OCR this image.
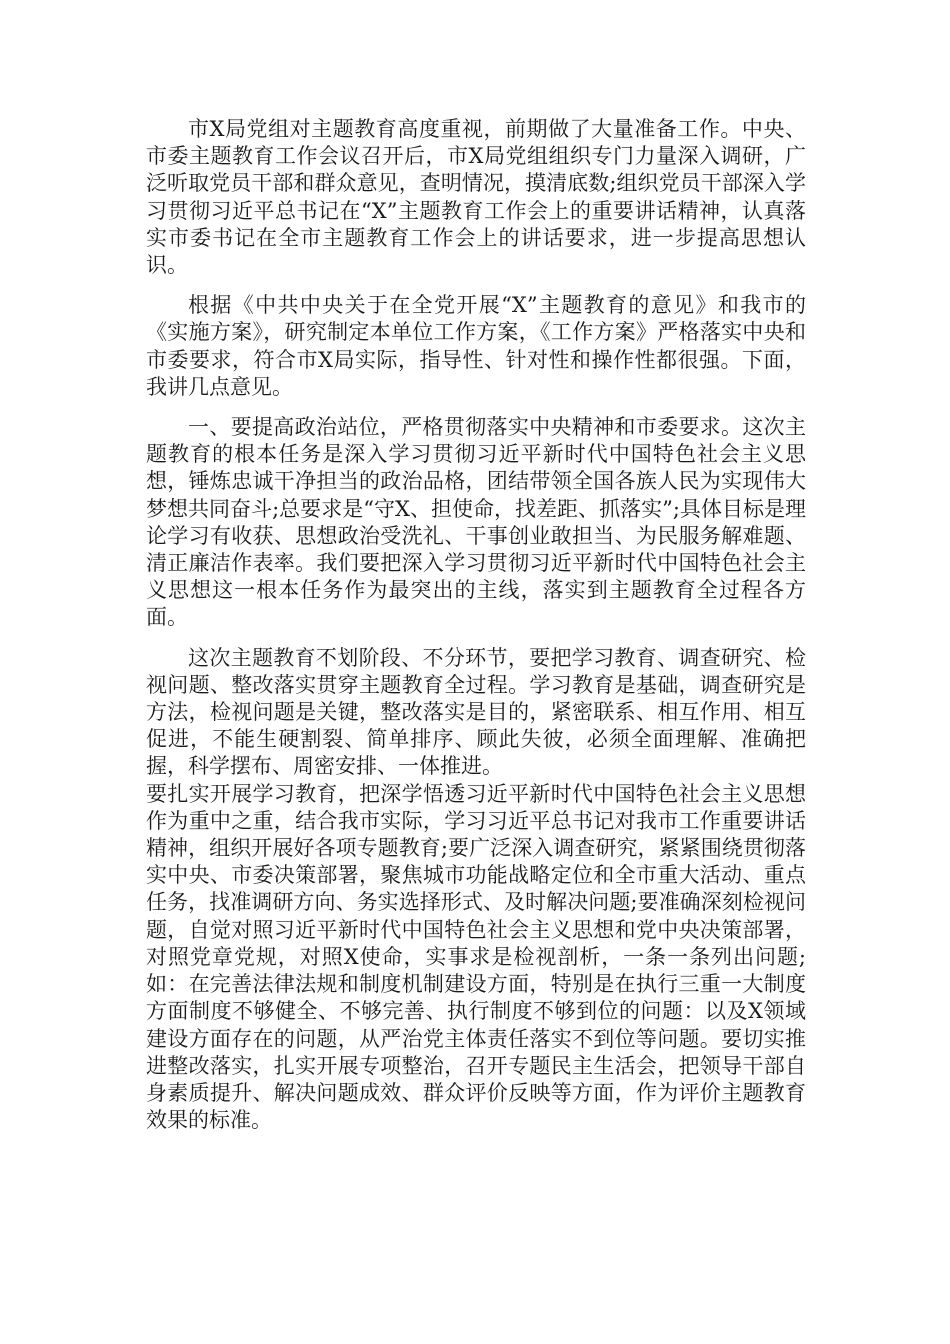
市X局党组对主题教育高度重视，前期做了大量准备工作。中央、市委主题教育工作会议召开后，市X局党组组织专门力量深入调研，广泛听取党员干部和群众意见，查明情况，摸清底数;组织党员干部深入学习贯彻习近平总书记在“X”主题教育工作会上的重要讲话精神，认真落实市委书记在全市主题教育工作会上的讲话要求，进一步提高思想认识。

根据《中共中央关于在全党开展“X”主题教育的意见》和我市的《实施方案》，研究制定本单位工作方案，《工作方案》严格落实中央和市委要求，符合市X局实际，指导性、针对性和操作性都很强。下面，我讲几点意见。

一、要提高政治站位，严格贯彻落实中央精神和市委要求。这次主题教育的根本任务是深入学习贯彻习近平新时代中国特色社会主义思想，锤炼忠诚干净担当的政治品格，团结带领全国各族人民为实现伟大梦想共同奋斗;总要求是“守X、担使命，找差距、抓落实”;具体目标是理论学习有收获、思想政治受洗礼、干事创业敢担当、为民服务解难题、清正廉洁作表率。我们要把深入学习贯彻习近平新时代中国特色社会主义思想这一根本任务作为最突出的主线，落实到主题教育全过程各方面。

这次主题教育不划阶段、不分环节，要把学习教育、调查研究、检视问题、整改落实贯穿主题教育全过程。学习教育是基础，调查研究是方法，检视问题是关键，整改落实是目的，紧密联系、相互作用、相互促进，不能生硬割裂、简单排序、顾此失彼，必须全面理解、准确把握，科学摆布、周密安排、一体推进。

要扎实开展学习教育，把深学悟透习近平新时代中国特色社会主义思想作为重中之重，结合我市实际，学习习近平总书记对我市工作重要讲话精神，组织开展好各项专题教育;要广泛深入调查研究，紧紧围绕贯彻落实中央、市委决策部署，聚焦城市功能战略定位和全市重大活动、重点任务，找准调研方向、务实选择形式、及时解决问题;要准确深刻检视问题，自觉对照习近平新时代中国特色社会主义思想和党中央决策部署，对照党章党规，对照X使命，实事求是检视剖析，一条一条列出问题;如：在完善法律法规和制度机制建设方面，特别是在执行三重一大制度方面制度不够健全、不够完善、执行制度不够到位的问题：以及X领域建设方面存在的问题，从严治党主体责任落实不到位等问题。要切实推进整改落实，扎实开展专项整治，召开专题民主生活会，把领导干部自身素质提升、解决问题成效、群众评价反映等方面，作为评价主题教育效果的标准。
